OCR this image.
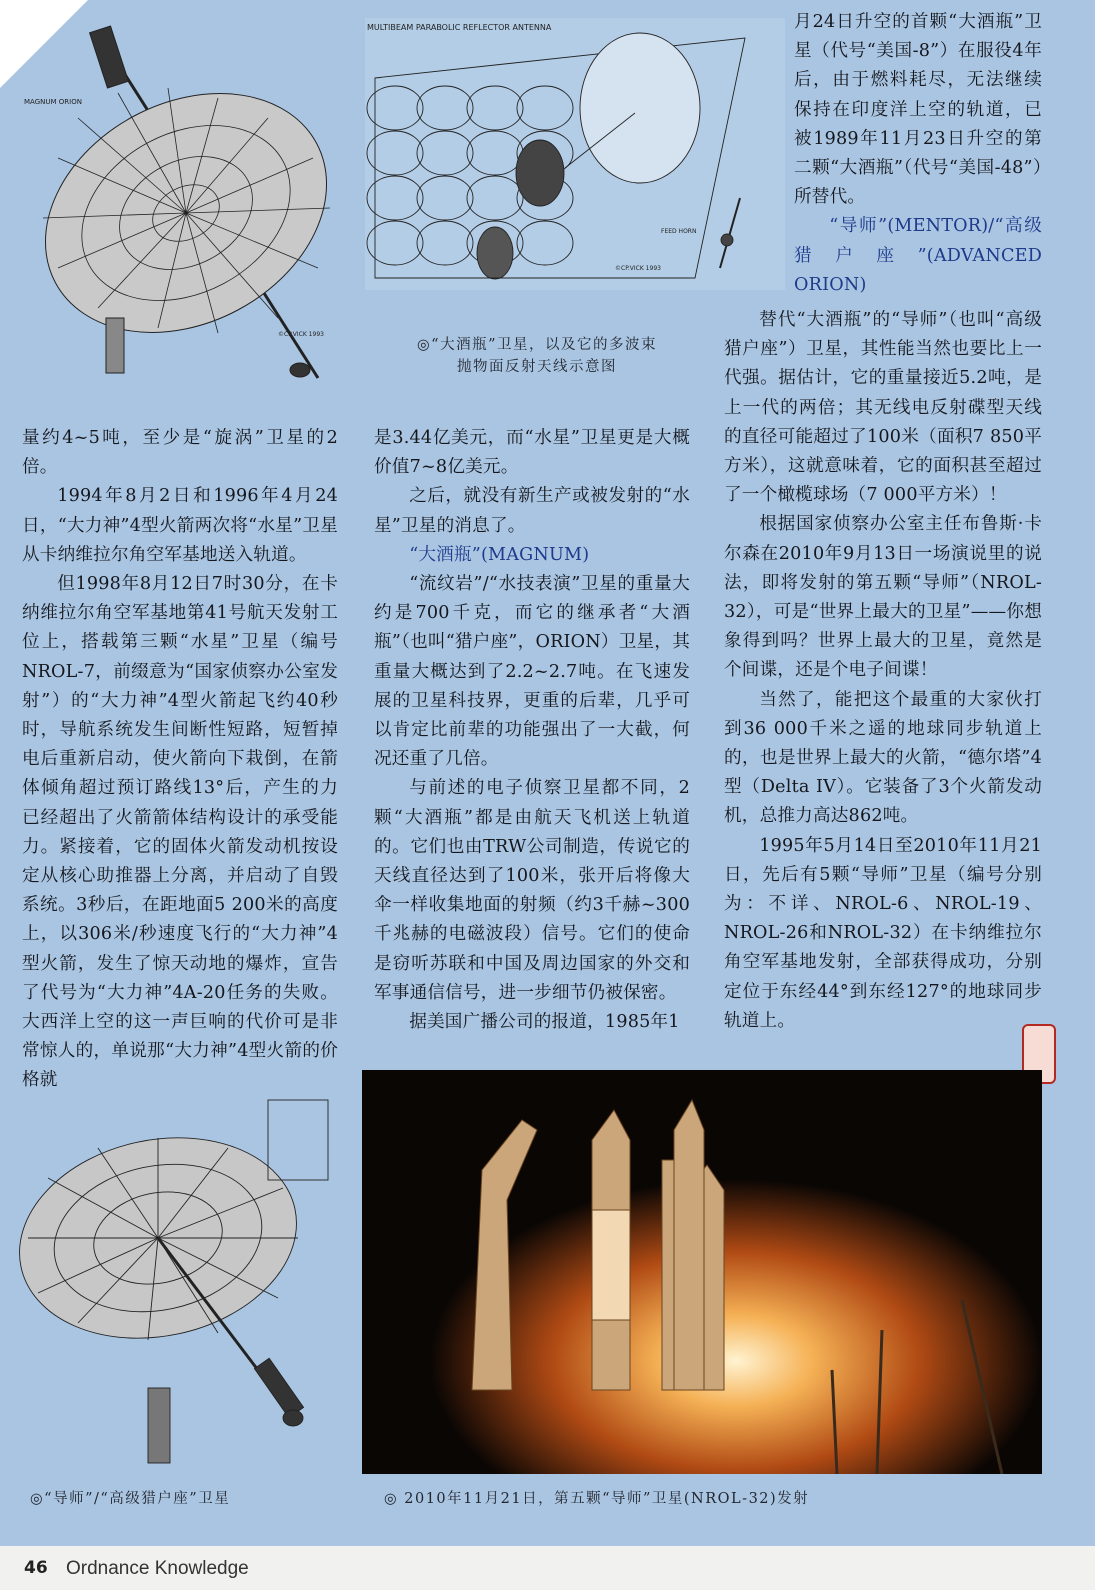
MAGNUM ORION
©CP.VICK 1993
MULTIBEAM PARABOLIC REFLECTOR ANTENNA
FEED HORN
©CP.VICK 1993
◎“大酒瓶”卫星，以及它的多波束抛物面反射天线示意图

量约4~5吨，至少是“旋涡”卫星的2倍。

1994年8月2日和1996年4月24日，“大力神”4型火箭两次将“水星”卫星从卡纳维拉尔角空军基地送入轨道。

但1998年8月12日7时30分，在卡纳维拉尔角空军基地第41号航天发射工位上，搭载第三颗“水星”卫星（编号NROL-7，前缀意为“国家侦察办公室发射”）的“大力神”4型火箭起飞约40秒时，导航系统发生间断性短路，短暂掉电后重新启动，使火箭向下栽倒，在箭体倾角超过预订路线13°后，产生的力已经超出了火箭箭体结构设计的承受能力。紧接着，它的固体火箭发动机按设定从核心助推器上分离，并启动了自毁系统。3秒后，在距地面5 200米的高度上，以306米/秒速度飞行的“大力神”4型火箭，发生了惊天动地的爆炸，宣告了代号为“大力神”4A-20任务的失败。大西洋上空的这一声巨响的代价可是非常惊人的，单说那“大力神”4型火箭的价格就

是3.44亿美元，而“水星”卫星更是大概价值7~8亿美元。

之后，就没有新生产或被发射的“水星”卫星的消息了。

“大酒瓶”(MAGNUM)

“流纹岩”/“水技表演”卫星的重量大约是700千克，而它的继承者“大酒瓶”（也叫“猎户座”，ORION）卫星，其重量大概达到了2.2~2.7吨。在飞速发展的卫星科技界，更重的后辈，几乎可以肯定比前辈的功能强出了一大截，何况还重了几倍。

与前述的电子侦察卫星都不同，2颗“大酒瓶”都是由航天飞机送上轨道的。它们也由TRW公司制造，传说它的天线直径达到了100米，张开后将像大伞一样收集地面的射频（约3千赫~300千兆赫的电磁波段）信号。它们的使命是窃听苏联和中国及周边国家的外交和军事通信信号，进一步细节仍被保密。

据美国广播公司的报道，1985年1

月24日升空的首颗“大酒瓶”卫星（代号“美国-8”）在服役4年后，由于燃料耗尽，无法继续保持在印度洋上空的轨道，已被1989年11月23日升空的第二颗“大酒瓶”（代号“美国-48”）所替代。

“导师”(MENTOR)/“高级猎户座”(ADVANCED ORION)

替代“大酒瓶”的“导师”（也叫“高级猎户座”）卫星，其性能当然也要比上一代强。据估计，它的重量接近5.2吨，是上一代的两倍；其无线电反射碟型天线的直径可能超过了100米（面积7 850平方米），这就意味着，它的面积甚至超过了一个橄榄球场（7 000平方米）！

根据国家侦察办公室主任布鲁斯·卡尔森在2010年9月13日一场演说里的说法，即将发射的第五颗“导师”（NROL-32），可是“世界上最大的卫星”——你想象得到吗？世界上最大的卫星，竟然是个间谍，还是个电子间谍！

当然了，能把这个最重的大家伙打到36 000千米之遥的地球同步轨道上的，也是世界上最大的火箭，“德尔塔”4型（Delta IV）。它装备了3个火箭发动机，总推力高达862吨。

1995年5月14日至2010年11月21日，先后有5颗“导师”卫星（编号分别为：不详、NROL-6、NROL-19、NROL-26和NROL-32）在卡纳维拉尔角空军基地发射，全部获得成功，分别定位于东经44°到东经127°的地球同步轨道上。

◎“导师”/“高级猎户座”卫星	◎ 2010年11月21日，第五颗“导师”卫星(NROL-32)发射
46 Ordnance Knowledge
